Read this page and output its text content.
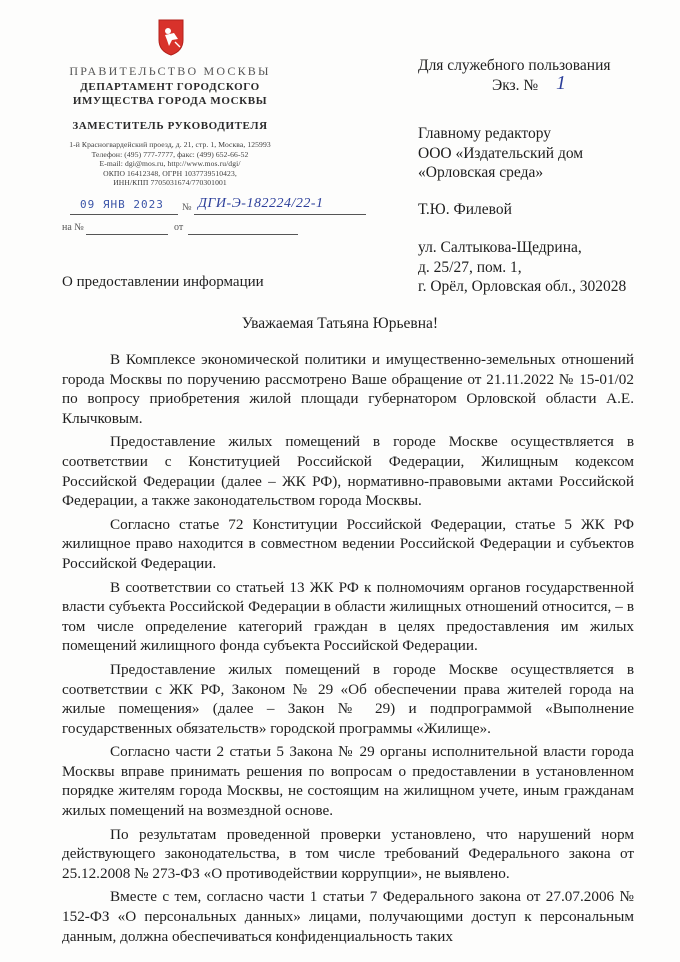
ПРАВИТЕЛЬСТВО МОСКВЫ
ДЕПАРТАМЕНТ ГОРОДСКОГО
ИМУЩЕСТВА ГОРОДА МОСКВЫ
ЗАМЕСТИТЕЛЬ РУКОВОДИТЕЛЯ
1-й Красногвардейский проезд, д. 21, стр. 1, Москва, 125993
Телефон: (495) 777-7777, факс: (499) 652-66-52
E-mail: dgi@mos.ru, http://www.mos.ru/dgi/
ОКПО 16412348, ОГРН 1037739510423,
ИНН/КПП 7705031674/770301001
09 ЯНВ 2023 № ДГИ-Э-182224/22-1
на №	от
Для служебного пользования
Экз. № 1
Главному редактору
ООО «Издательский дом
«Орловская среда»
Т.Ю. Филевой
ул. Салтыкова-Щедрина,
д. 25/27, пом. 1,
г. Орёл, Орловская обл., 302028
О предоставлении информации
Уважаемая Татьяна Юрьевна!

В Комплексе экономической политики и имущественно-земельных отношений города Москвы по поручению рассмотрено Ваше обращение от 21.11.2022 № 15-01/02 по вопросу приобретения жилой площади губернатором Орловской области А.Е. Клычковым.

Предоставление жилых помещений в городе Москве осуществляется в соответствии с Конституцией Российской Федерации, Жилищным кодексом Российской Федерации (далее – ЖК РФ), нормативно-правовыми актами Российской Федерации, а также законодательством города Москвы.

Согласно статье 72 Конституции Российской Федерации, статье 5 ЖК РФ жилищное право находится в совместном ведении Российской Федерации и субъектов Российской Федерации.

В соответствии со статьей 13 ЖК РФ к полномочиям органов государственной власти субъекта Российской Федерации в области жилищных отношений относится, – в том числе определение категорий граждан в целях предоставления им жилых помещений жилищного фонда субъекта Российской Федерации.

Предоставление жилых помещений в городе Москве осуществляется в соответствии с ЖК РФ, Законом № 29 «Об обеспечении права жителей города на жилые помещения» (далее – Закон № 29) и подпрограммой «Выполнение государственных обязательств» городской программы «Жилище».

Согласно части 2 статьи 5 Закона № 29 органы исполнительной власти города Москвы вправе принимать решения по вопросам о предоставлении в установленном порядке жителям города Москвы, не состоящим на жилищном учете, иным гражданам жилых помещений на возмездной основе.

По результатам проведенной проверки установлено, что нарушений норм действующего законодательства, в том числе требований Федерального закона от 25.12.2008 № 273-ФЗ «О противодействии коррупции», не выявлено.

Вместе с тем, согласно части 1 статьи 7 Федерального закона от 27.07.2006 № 152-ФЗ «О персональных данных» лицами, получающими доступ к персональным данным, должна обеспечиваться конфиденциальность таких
